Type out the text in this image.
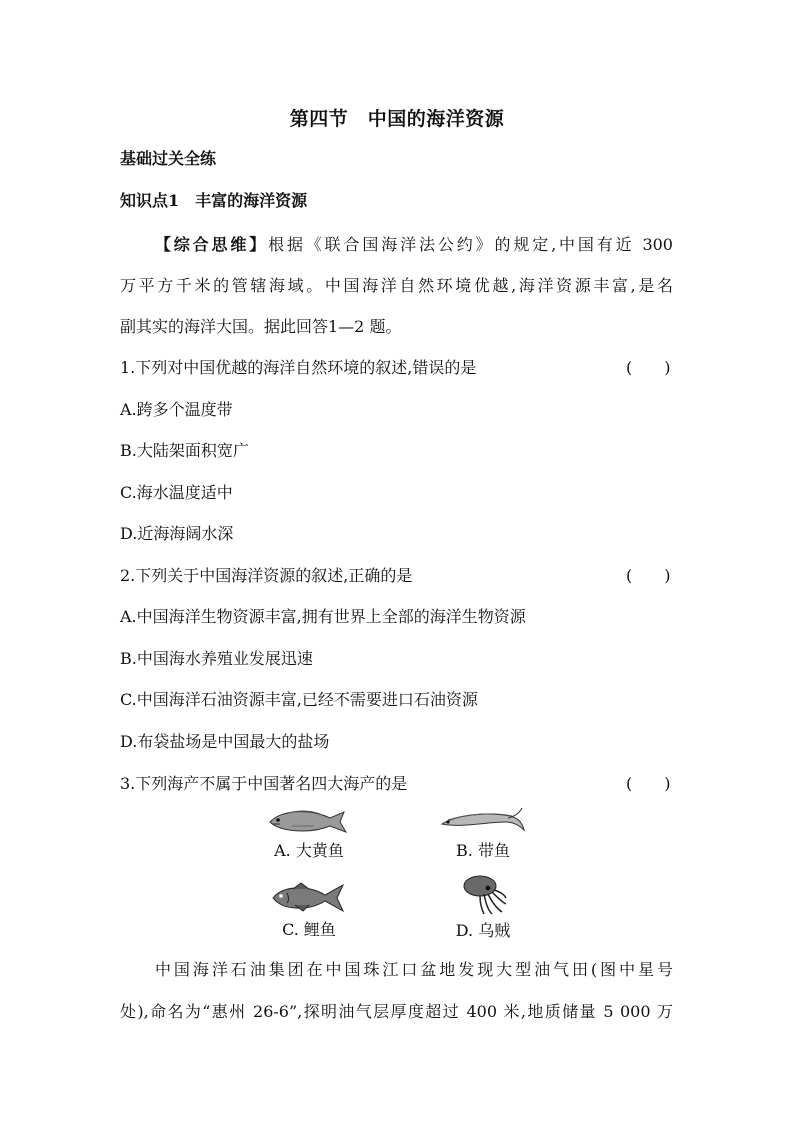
第四节　中国的海洋资源
基础过关全练
知识点1　丰富的海洋资源
【综合思维】根据《联合国海洋法公约》的规定,中国有近 300
万平方千米的管辖海域。中国海洋自然环境优越,海洋资源丰富,是名
副其实的海洋大国。据此回答1—2 题。
1.下列对中国优越的海洋自然环境的叙述,错误的是	(　　)
A.跨多个温度带
B.大陆架面积宽广
C.海水温度适中
D.近海海阔水深
2.下列关于中国海洋资源的叙述,正确的是	(　　)
A.中国海洋生物资源丰富,拥有世界上全部的海洋生物资源
B.中国海水养殖业发展迅速
C.中国海洋石油资源丰富,已经不需要进口石油资源
D.布袋盐场是中国最大的盐场
3.下列海产不属于中国著名四大海产的是	(　　)
A. 大黄鱼	B. 带鱼
C. 鲤鱼	D. 乌贼
中国海洋石油集团在中国珠江口盆地发现大型油气田(图中星号
处),命名为“惠州 26-6”,探明油气层厚度超过 400 米,地质储量 5 000 万
